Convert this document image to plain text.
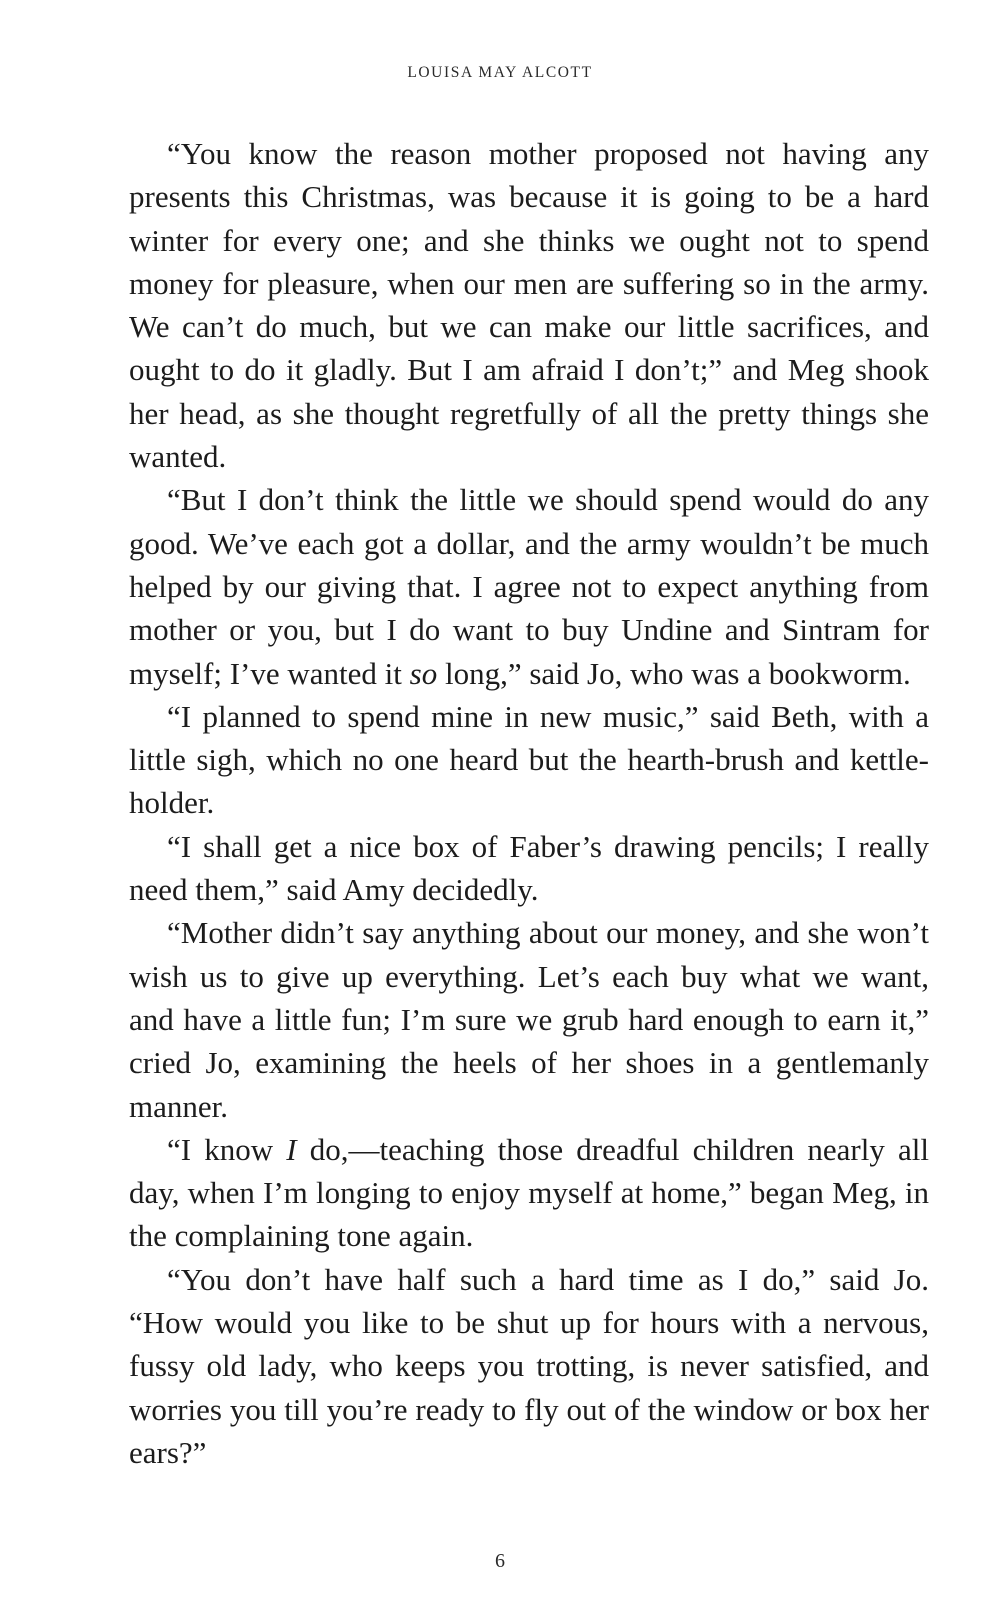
LOUISA MAY ALCOTT

“You know the reason mother proposed not having any presents this Christmas, was because it is going to be a hard winter for every one; and she thinks we ought not to spend money for pleasure, when our men are suffering so in the army. We can’t do much, but we can make our little sacrifices, and ought to do it gladly. But I am afraid I don’t;” and Meg shook her head, as she thought regretfully of all the pretty things she wanted.

“But I don’t think the little we should spend would do any good. We’ve each got a dollar, and the army wouldn’t be much helped by our giving that. I agree not to expect anything from mother or you, but I do want to buy Undine and Sintram for myself; I’ve wanted it so long,” said Jo, who was a bookworm.

“I planned to spend mine in new music,” said Beth, with a little sigh, which no one heard but the hearth-brush and kettle-holder.

“I shall get a nice box of Faber’s drawing pencils; I really need them,” said Amy decidedly.

“Mother didn’t say anything about our money, and she won’t wish us to give up everything. Let’s each buy what we want, and have a little fun; I’m sure we grub hard enough to earn it,” cried Jo, examining the heels of her shoes in a gentlemanly manner.

“I know I do,—teaching those dreadful children nearly all day, when I’m longing to enjoy myself at home,” began Meg, in the complaining tone again.

“You don’t have half such a hard time as I do,” said Jo. “How would you like to be shut up for hours with a nervous, fussy old lady, who keeps you trotting, is never satisfied, and worries you till you’re ready to fly out of the window or box her ears?”

6
